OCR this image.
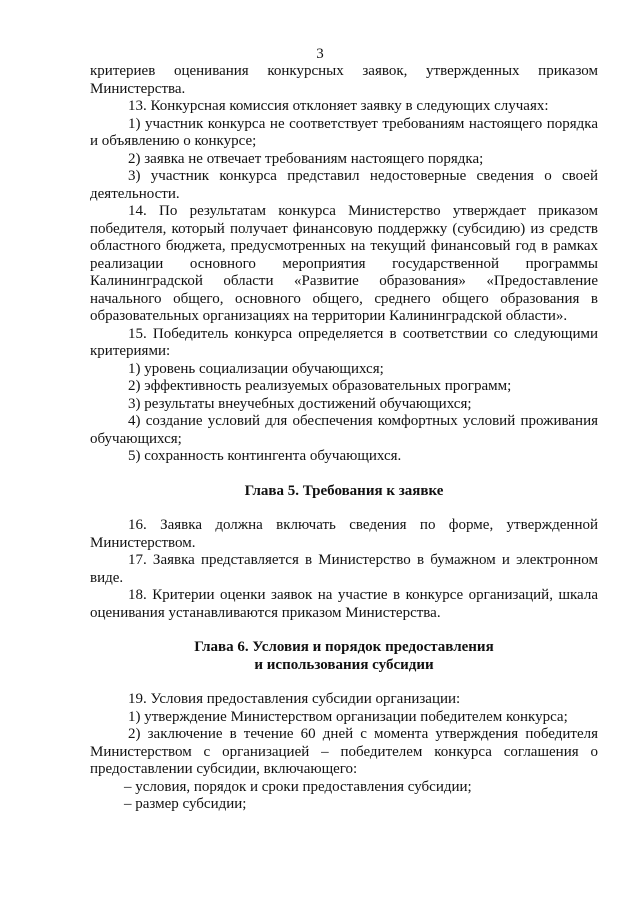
3

критериев оценивания конкурсных заявок, утвержденных приказом Министерства.

13. Конкурсная комиссия отклоняет заявку в следующих случаях:

1) участник конкурса не соответствует требованиям настоящего порядка и объявлению о конкурсе;

2) заявка не отвечает требованиям настоящего порядка;

3) участник конкурса представил недостоверные сведения о своей деятельности.

14. По результатам конкурса Министерство утверждает приказом победителя, который получает финансовую поддержку (субсидию) из средств областного бюджета, предусмотренных на текущий финансовый год в рамках реализации основного мероприятия государственной программы Калининградской области «Развитие образования» «Предоставление начального общего, основного общего, среднего общего образования в образовательных организациях на территории Калининградской области».

15. Победитель конкурса определяется в соответствии со следующими критериями:

1) уровень социализации обучающихся;

2) эффективность реализуемых образовательных программ;

3) результаты внеучебных достижений обучающихся;

4) создание условий для обеспечения комфортных условий проживания обучающихся;

5) сохранность контингента обучающихся.

Глава 5. Требования к заявке

16. Заявка должна включать сведения по форме, утвержденной Министерством.

17. Заявка представляется в Министерство в бумажном и электронном виде.

18. Критерии оценки заявок на участие в конкурсе организаций, шкала оценивания устанавливаются приказом Министерства.

Глава 6. Условия и порядок предоставления

и использования субсидии

19. Условия предоставления субсидии организации:

1) утверждение Министерством организации победителем конкурса;

2) заключение в течение 60 дней с момента утверждения победителя Министерством с организацией – победителем конкурса соглашения о предоставлении субсидии, включающего:

– условия, порядок и сроки предоставления субсидии;

– размер субсидии;
